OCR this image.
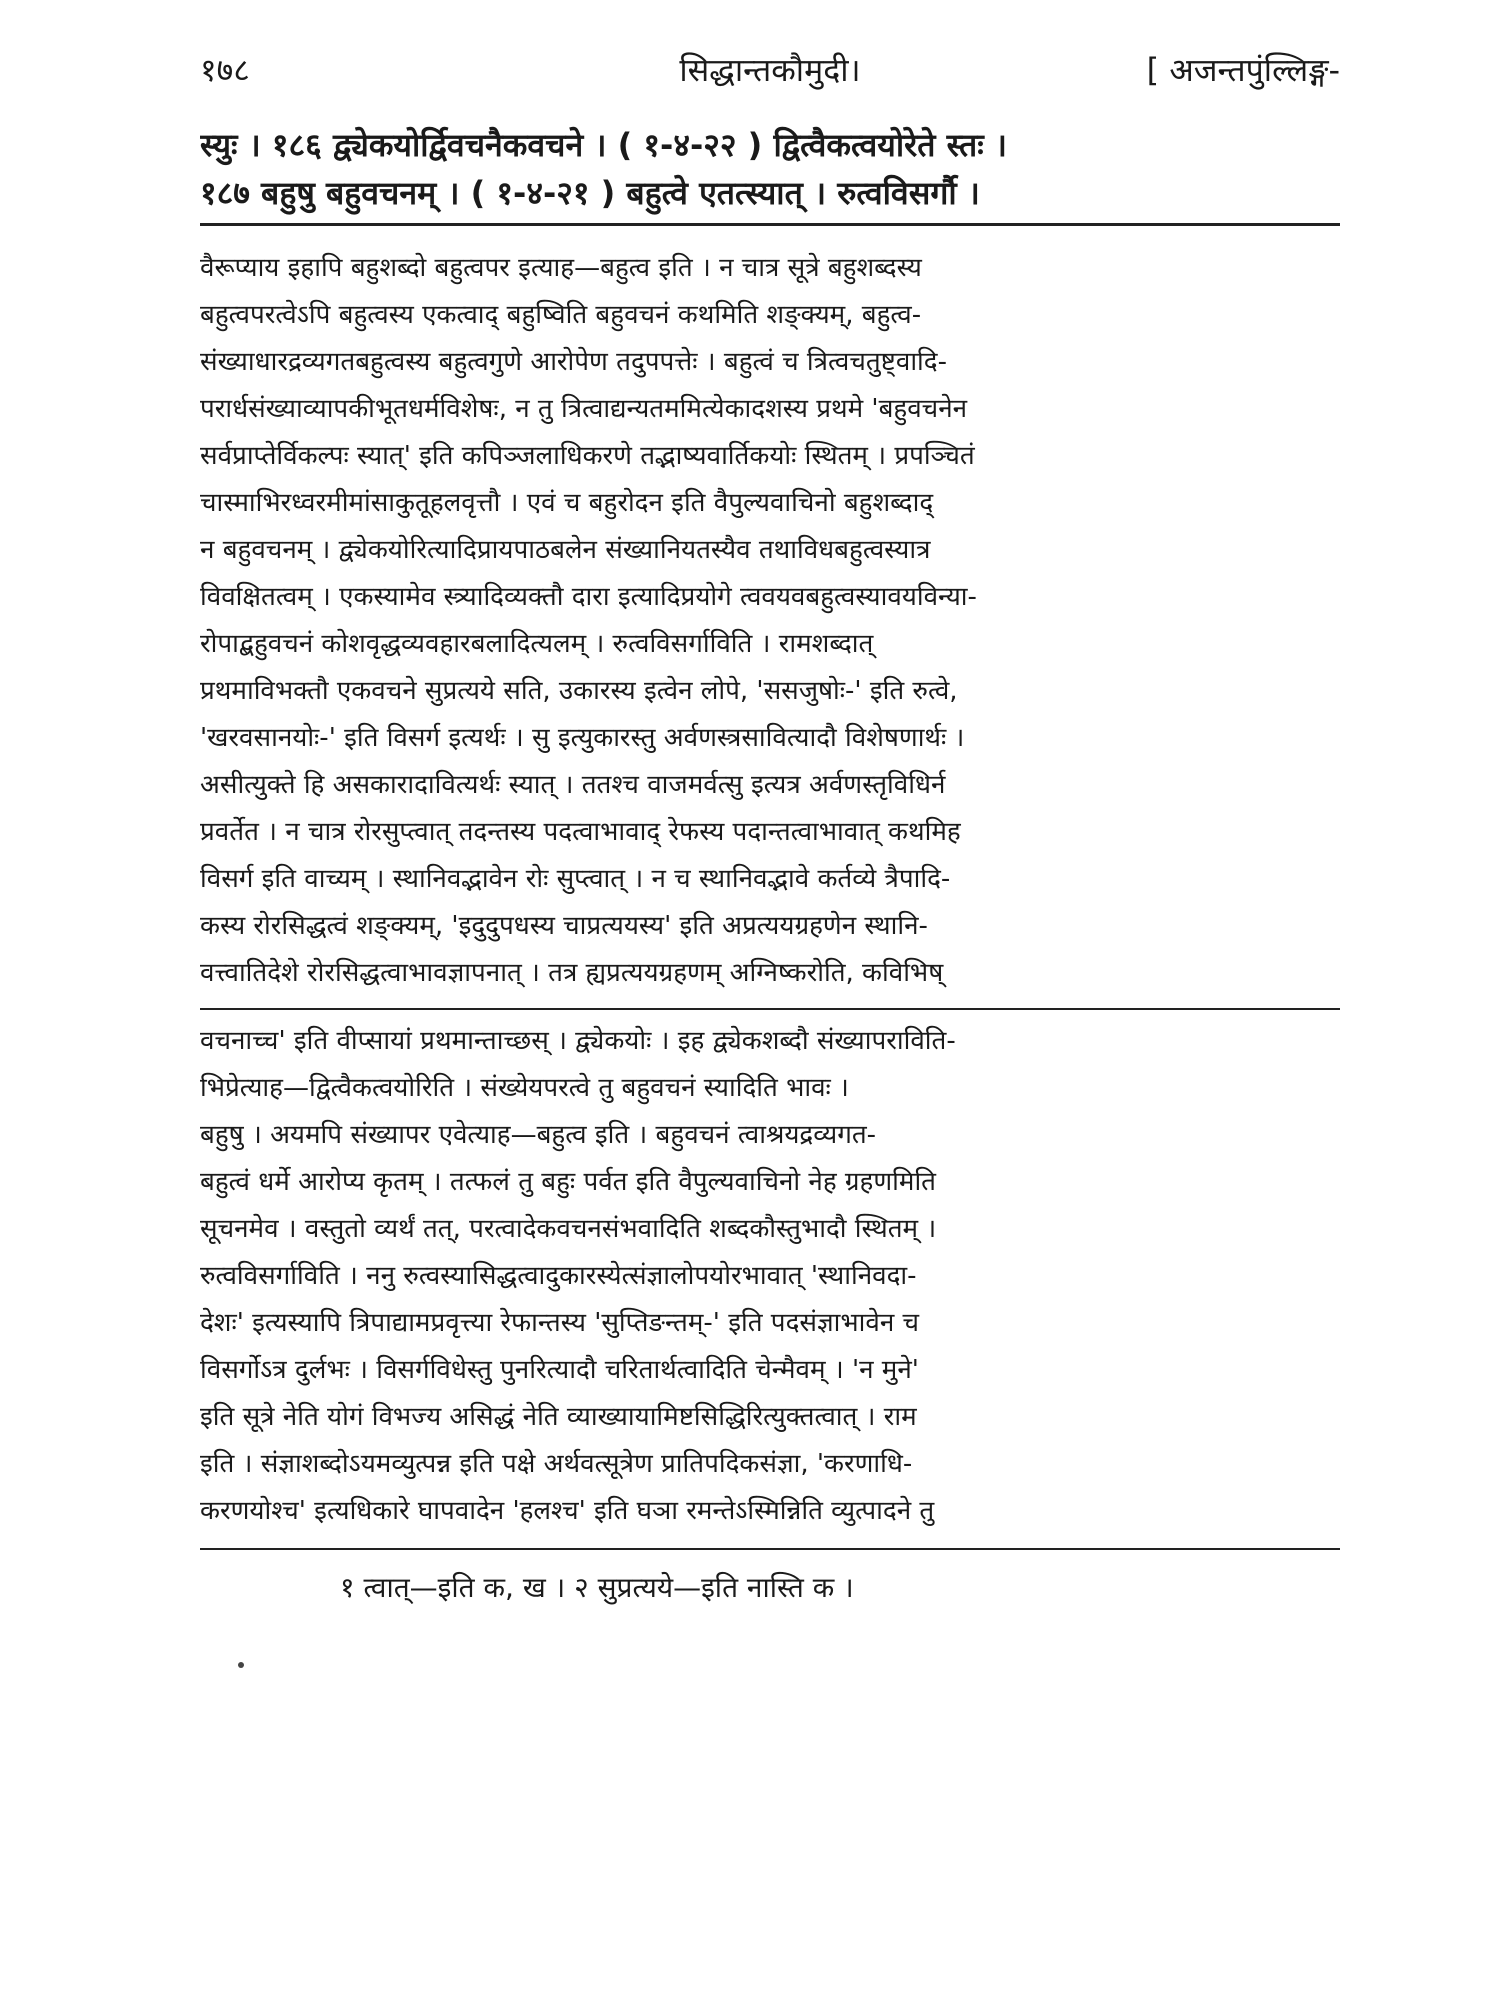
१७८	सिद्धान्तकौमुदी।	[ अजन्तपुंल्लिङ्ग-
स्युः । १८६ द्व्येकयोर्द्विवचनैकवचने । ( १-४-२२ ) द्वित्वैकत्वयोरेते स्तः ।
१८७ बहुषु बहुवचनम् । ( १-४-२१ ) बहुत्वे एतत्स्यात् । रुत्वविसर्गौ ।
वैरूप्याय इहापि बहुशब्दो बहुत्वपर इत्याह—बहुत्व इति । न चात्र सूत्रे बहुशब्दस्य
बहुत्वपरत्वेऽपि बहुत्वस्य एकत्वाद् बहुष्विति बहुवचनं कथमिति शङ्क्यम्, बहुत्व-
संख्याधारद्रव्यगतबहुत्वस्य बहुत्वगुणे आरोपेण तदुपपत्तेः । बहुत्वं च त्रित्वचतुष्ट्वादि-
परार्धसंख्याव्यापकीभूतधर्मविशेषः, न तु त्रित्वाद्यन्यतममित्येकादशस्य प्रथमे 'बहुवचनेन
सर्वप्राप्तेर्विकल्पः स्यात्' इति कपिञ्जलाधिकरणे तद्भाष्यवार्तिकयोः स्थितम् । प्रपञ्चितं
चास्माभिरध्वरमीमांसाकुतूहलवृत्तौ । एवं च बहुरोदन इति वैपुल्यवाचिनो बहुशब्दाद्
न बहुवचनम् । द्व्येकयोरित्यादिप्रायपाठबलेन संख्यानियतस्यैव तथाविधबहुत्वस्यात्र
विवक्षितत्वम् । एकस्यामेव स्त्र्यादिव्यक्तौ दारा इत्यादिप्रयोगे त्ववयवबहुत्वस्यावयविन्या-
रोपाद्बहुवचनं कोशवृद्धव्यवहारबलादित्यलम् । रुत्वविसर्गाविति । रामशब्दात्
प्रथमाविभक्तौ एकवचने सुप्रत्यये सति, उकारस्य इत्वेन लोपे, 'ससजुषोः-' इति रुत्वे,
'खरवसानयोः-' इति विसर्ग इत्यर्थः । सु इत्युकारस्तु अर्वणस्त्रसावित्यादौ विशेषणार्थः ।
असीत्युक्ते हि असकारादावित्यर्थः स्यात् । ततश्च वाजमर्वत्सु इत्यत्र अर्वणस्तृविधिर्न
प्रवर्तेत । न चात्र रोरसुप्त्वात् तदन्तस्य पदत्वाभावाद् रेफस्य पदान्तत्वाभावात् कथमिह
विसर्ग इति वाच्यम् । स्थानिवद्भावेन रोः सुप्त्वात् । न च स्थानिवद्भावे कर्तव्ये त्रैपादि-
कस्य रोरसिद्धत्वं शङ्क्यम्, 'इदुदुपधस्य चाप्रत्ययस्य' इति अप्रत्ययग्रहणेन स्थानि-
वत्त्वातिदेशे रोरसिद्धत्वाभावज्ञापनात् । तत्र ह्यप्रत्ययग्रहणम् अग्निष्करोति, कविभिष्
वचनाच्च' इति वीप्सायां प्रथमान्ताच्छस् । द्व्येकयोः । इह द्व्येकशब्दौ संख्यापराविति-
भिप्रेत्याह—द्वित्वैकत्वयोरिति । संख्येयपरत्वे तु बहुवचनं स्यादिति भावः ।
बहुषु । अयमपि संख्यापर एवेत्याह—बहुत्व इति । बहुवचनं त्वाश्रयद्रव्यगत-
बहुत्वं धर्मे आरोप्य कृतम् । तत्फलं तु बहुः पर्वत इति वैपुल्यवाचिनो नेह ग्रहणमिति
सूचनमेव । वस्तुतो व्यर्थं तत्, परत्वादेकवचनसंभवादिति शब्दकौस्तुभादौ स्थितम् ।
रुत्वविसर्गाविति । ननु रुत्वस्यासिद्धत्वादुकारस्येत्संज्ञालोपयोरभावात् 'स्थानिवदा-
देशः' इत्यस्यापि त्रिपाद्यामप्रवृत्त्या रेफान्तस्य 'सुप्तिङन्तम्-' इति पदसंज्ञाभावेन च
विसर्गोऽत्र दुर्लभः । विसर्गविधेस्तु पुनरित्यादौ चरितार्थत्वादिति चेन्मैवम् । 'न मुने'
इति सूत्रे नेति योगं विभज्य असिद्धं नेति व्याख्यायामिष्टसिद्धिरित्युक्तत्वात् । राम
इति । संज्ञाशब्दोऽयमव्युत्पन्न इति पक्षे अर्थवत्सूत्रेण प्रातिपदिकसंज्ञा, 'करणाधि-
करणयोश्च' इत्यधिकारे घापवादेन 'हलश्च' इति घञा रमन्तेऽस्मिन्निति व्युत्पादने तु
१ त्वात्—इति क, ख । २ सुप्रत्यये—इति नास्ति क ।
